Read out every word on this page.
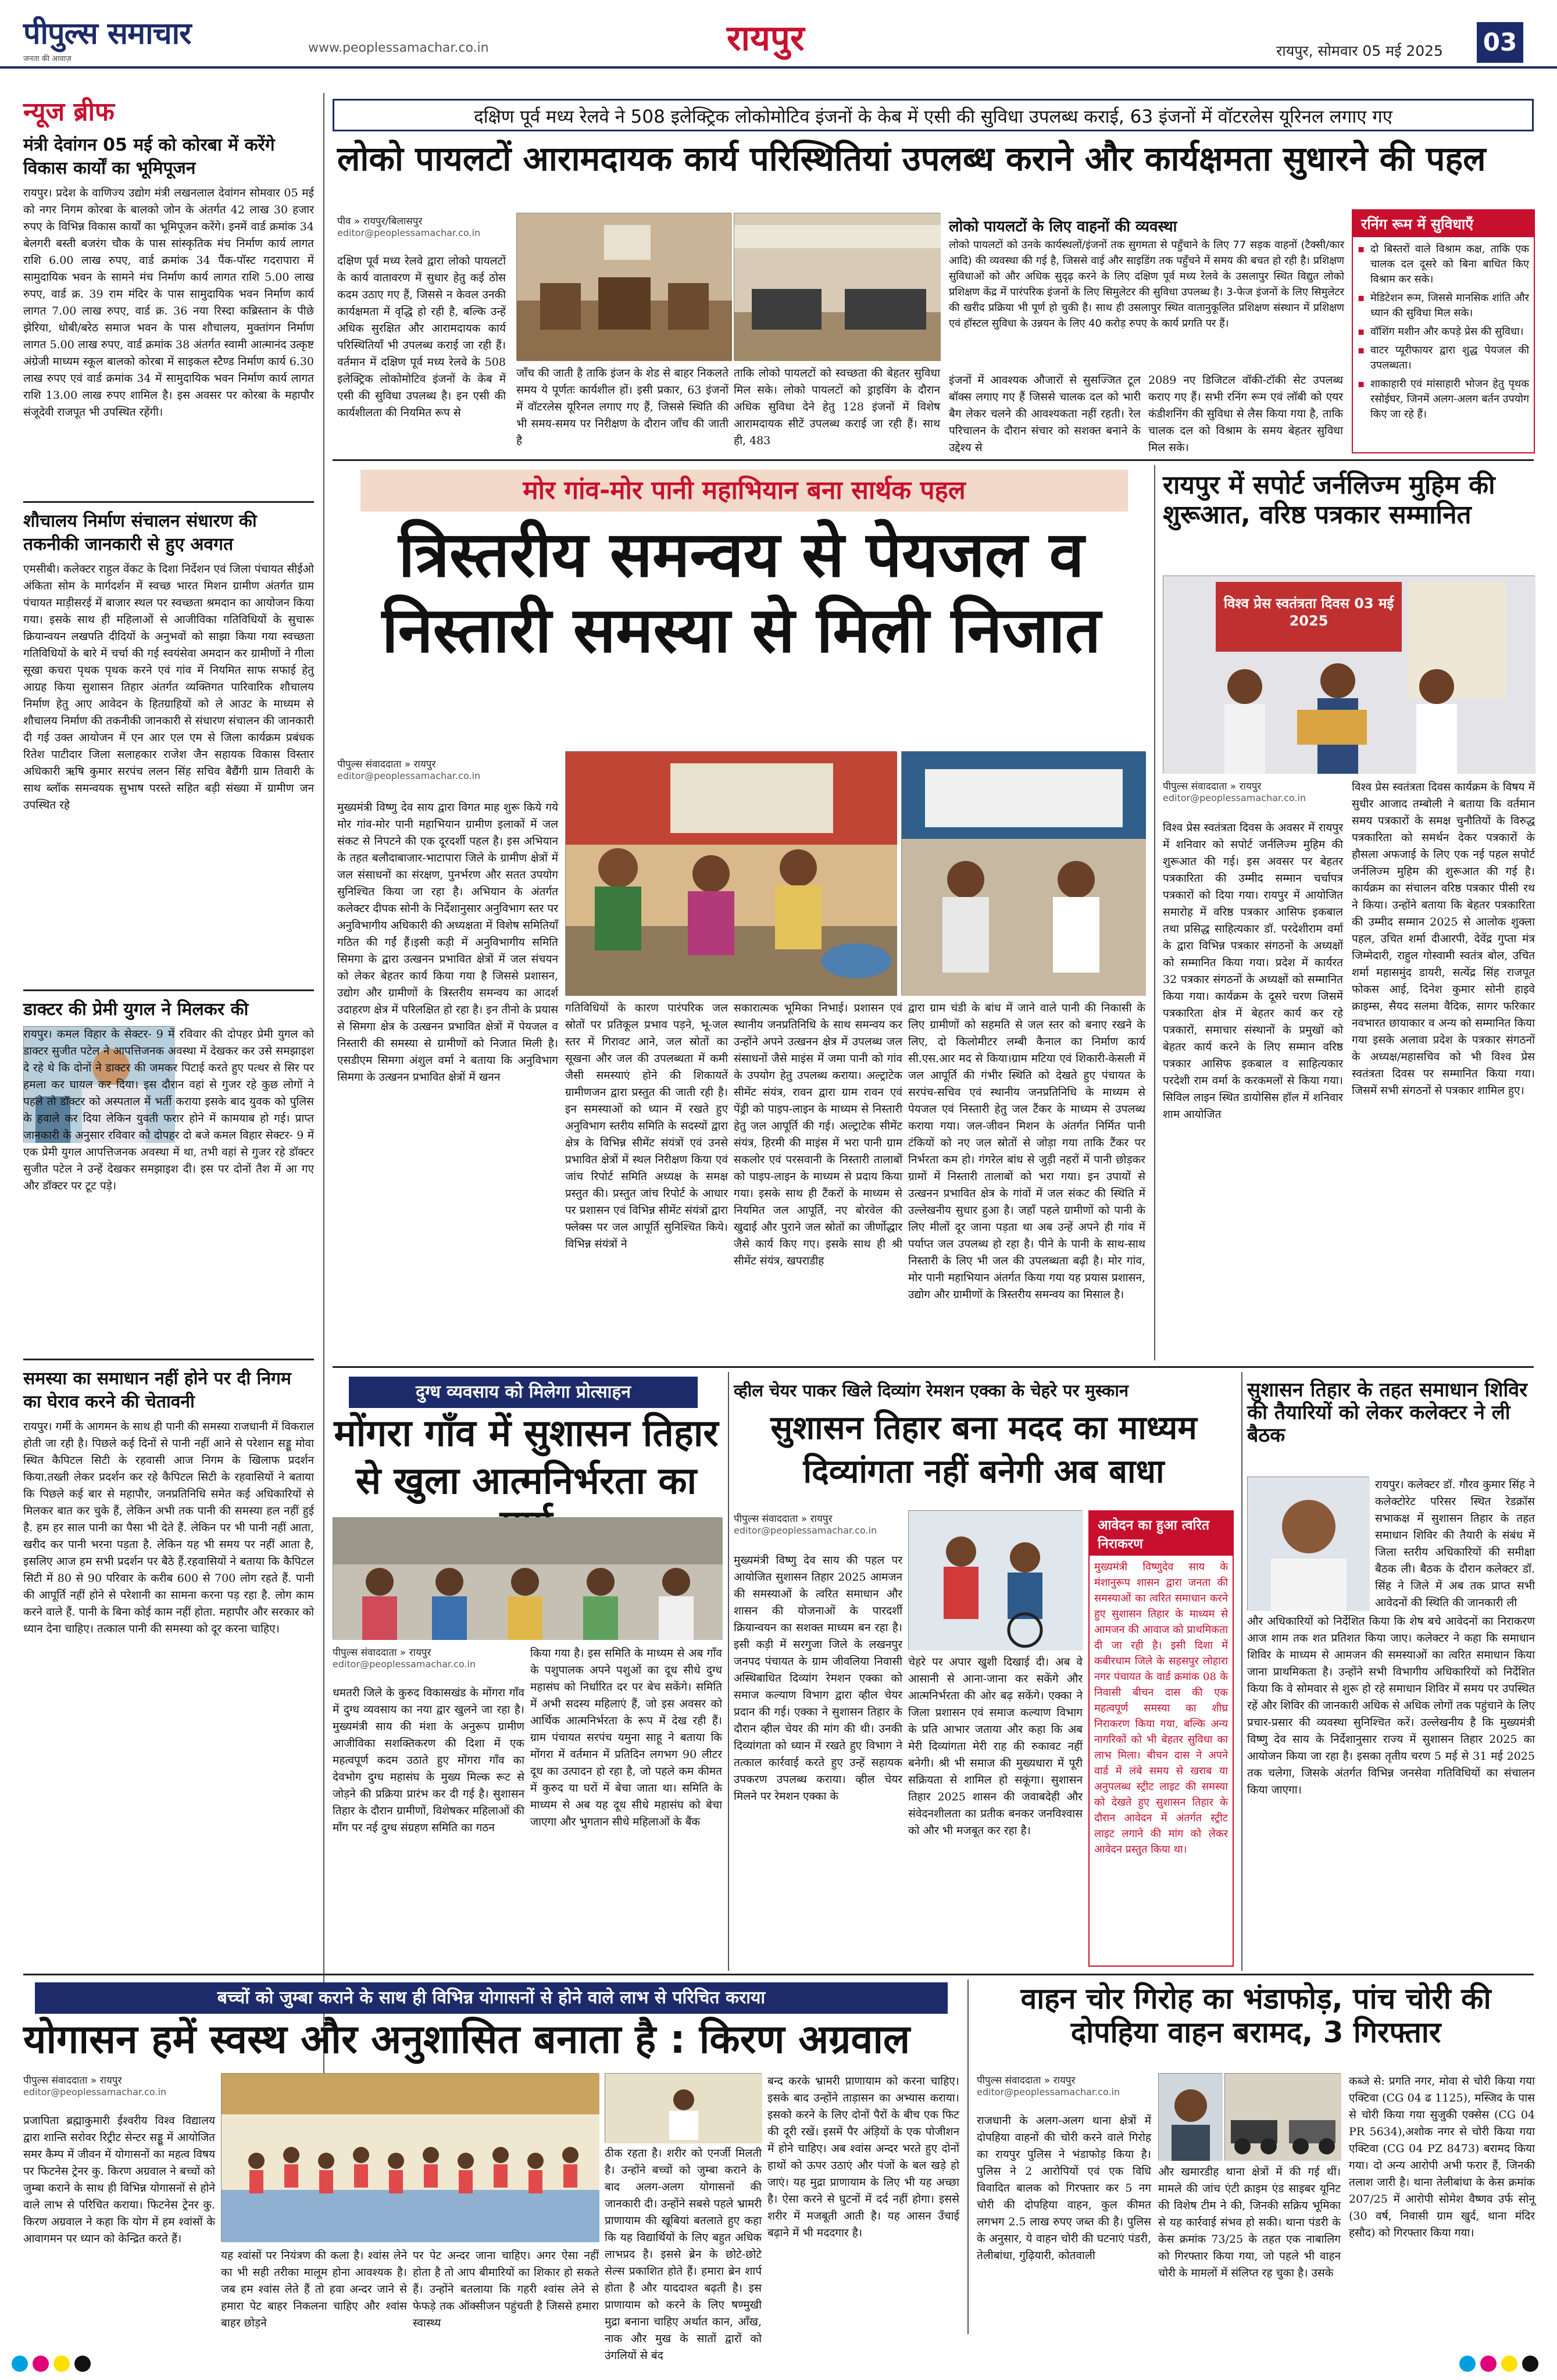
पीपुल्स समाचार
जनता की आवाज़
www.peoplessamachar.co.in	रायपुर	रायपुर, सोमवार 05 मई 2025 03
न्यूज ब्रीफ
मंत्री देवांगन 05 मई को कोरबा में करेंगे विकास कार्यों का भूमिपूजन
रायपुर। प्रदेश के वाणिज्य उद्योग मंत्री लखनलाल देवांगन सोमवार 05 मई को नगर निगम कोरबा के बालको जोन के अंतर्गत 42 लाख 30 हजार रुपए के विभिन्न विकास कार्यों का भूमिपूजन करेंगे। इनमें वार्ड क्रमांक 34 बेलगरी बस्ती बजरंग चौक के पास सांस्कृतिक मंच निर्माण कार्य लागत राशि 6.00 लाख रुपए, वार्ड क्रमांक 34 पैंक-पॉस्ट गदरापारा में सामुदायिक भवन के सामने मंच निर्माण कार्य लागत राशि 5.00 लाख रुपए, वार्ड क्र. 39 राम मंदिर के पास सामुदायिक भवन निर्माण कार्य लागत 7.00 लाख रुपए, वार्ड क्र. 36 नया रिस्दा कब्रिस्तान के पीछे झेरिया, धोबी/बरेठ समाज भवन के पास शौचालय, मुक्तांगन निर्माण लागत 5.00 लाख रुपए, वार्ड क्रमांक 38 अंतर्गत स्वामी आत्मानंद उत्कृष्ट अंग्रेजी माध्यम स्कूल बालको कोरबा में साइकल स्टैण्ड निर्माण कार्य 6.30 लाख रुपए एवं वार्ड क्रमांक 34 में सामुदायिक भवन निर्माण कार्य लागत राशि 13.00 लाख रुपए शामिल है। इस अवसर पर कोरबा के महापौर संजूदेवी राजपूत भी उपस्थित रहेंगी।
शौचालय निर्माण संचालन संधारण की तकनीकी जानकारी से हुए अवगत
एमसीबी। कलेक्टर राहुल वेंकट के दिशा निर्देशन एवं जिला पंचायत सीईओ अंकिता सोम के मार्गदर्शन में स्वच्छ भारत मिशन ग्रामीण अंतर्गत ग्राम पंचायत माड़ीसरई में बाजार स्थल पर स्वच्छता श्रमदान का आयोजन किया गया। इसके साथ ही महिलाओं से आजीविका गतिविधियों के सुचारू क्रियान्वयन लखपति दीदियों के अनुभवों को साझा किया गया स्वच्छता गतिविधियों के बारे में चर्चा की गई स्वयंसेवा अमदान कर ग्रामीणों ने गीला सूखा कचरा पृथक पृथक करने एवं गांव में नियमित साफ सफाई हेतु आग्रह किया सुशासन तिहार अंतर्गत व्यक्तिगत पारिवारिक शौचालय निर्माण हेतु आए आवेदन के हितग्राहियों को ले आउट के माध्यम से शौचालय निर्माण की तकनीकी जानकारी से संधारण संचालन की जानकारी दी गई उक्त आयोजन में एन आर एल एम से जिला कार्यक्रम प्रबंधक रितेश पाटीदार जिला सलाहकार राजेश जैन सहायक विकास विस्तार अधिकारी ऋषि कुमार सरपंच ललन सिंह सचिव बैद्यैंगी ग्राम तिवारी के साथ ब्लॉक समन्वयक सुभाष परस्ते सहित बड़ी संख्या में ग्रामीण जन उपस्थित रहे
डाक्टर की प्रेमी युगल ने मिलकर की
रायपुर। कमल विहार के सेक्टर- 9 में रविवार की दोपहर प्रेमी युगल को डाक्टर सुजीत पटेल ने आपत्तिजनक अवस्था में देखकर कर उसे समझाइश दे रहे थे कि दोनों ने डाक्टर की जमकर पिटाई करते हुए पत्थर से सिर पर हमला कर घायल कर दिया। इस दौरान वहां से गुजर रहे कुछ लोगों ने पहले तो डॉक्टर को अस्पताल में भर्ती कराया इसके बाद युवक को पुलिस के हवाले कर दिया लेकिन युवती फरार होने में कामयाब हो गई। प्राप्त जानकारी के अनुसार रविवार को दोपहर दो बजे कमल विहार सेक्टर- 9 में एक प्रेमी युगल आपत्तिजनक अवस्था में था, तभी वहां से गुजर रहे डॉक्टर सुजीत पटेल ने उन्हें देखकर समझाइश दी। इस पर दोनों तैश में आ गए और डॉक्टर पर टूट पड़े।
समस्या का समाधान नहीं होने पर दी निगम का घेराव करने की चेतावनी
रायपुर। गर्मी के आगमन के साथ ही पानी की समस्या राजधानी में विकराल होती जा रही है। पिछले कई दिनों से पानी नहीं आने से परेशान सड्डू मोवा स्थित कैपिटल सिटी के रहवासी आज निगम के खिलाफ प्रदर्शन किया.तख्ती लेकर प्रदर्शन कर रहे कैपिटल सिटी के रहवासियों ने बताया कि पिछले कई बार से महापौर, जनप्रतिनिधि समेत कई अधिकारियों से मिलकर बात कर चुके हैं, लेकिन अभी तक पानी की समस्या हल नहीं हुई है. हम हर साल पानी का पैसा भी देते हैं. लेकिन पर भी पानी नहीं आता, खरीद कर पानी भरना पड़ता है. लेकिन यह भी समय पर नहीं आता है, इसलिए आज हम सभी प्रदर्शन पर बैठे हैं.रहवासियों ने बताया कि कैपिटल सिटी में 80 से 90 परिवार के करीब 600 से 700 लोग रहते हैं. पानी की आपूर्ति नहीं होने से परेशानी का सामना करना पड़ रहा है. लोग काम करने वाले हैं. पानी के बिना कोई काम नहीं होता. महापौर और सरकार को ध्यान देना चाहिए। तत्काल पानी की समस्या को दूर करना चाहिए।
दक्षिण पूर्व मध्य रेलवे ने 508 इलेक्ट्रिक लोकोमोटिव इंजनों के केब में एसी की सुविधा उपलब्ध कराई, 63 इंजनों में वॉटरलेस यूरिनल लगाए गए
लोको पायलटों आरामदायक कार्य परिस्थितियां उपलब्ध कराने और कार्यक्षमता सुधारने की पहल
पीव » रायपुर/बिलासपुर
editor@peoplessamachar.co.in
दक्षिण पूर्व मध्य रेलवे द्वारा लोको पायलटों के कार्य वातावरण में सुधार हेतु कई ठोस कदम उठाए गए हैं, जिससे न केवल उनकी कार्यक्षमता में वृद्धि हो रही है, बल्कि उन्हें अधिक सुरक्षित और आरामदायक कार्य परिस्थितियाँ भी उपलब्ध कराई जा रही हैं। वर्तमान में दक्षिण पूर्व मध्य रेलवे के 508 इलेक्ट्रिक लोकोमोटिव इंजनों के केब में एसी की सुविधा उपलब्ध है। इन एसी की कार्यशीलता की नियमित रूप से
जाँच की जाती है ताकि इंजन के शेड से बाहर निकलते समय ये पूर्णतः कार्यशील हों। इसी प्रकार, 63 इंजनों में वॉटरलेस यूरिनल लगाए गए हैं, जिससे स्थिति की भी समय-समय पर निरीक्षण के दौरान जाँच की जाती है
ताकि लोको पायलटों को स्वच्छता की बेहतर सुविधा मिल सके। लोको पायलटों को ड्राइविंग के दौरान अधिक सुविधा देने हेतु 128 इंजनों में विशेष आरामदायक सीटें उपलब्ध कराई जा रही हैं। साथ ही, 483
लोको पायलटों के लिए वाहनों की व्यवस्था
लोको पायलटों को उनके कार्यस्थलों/इंजनों तक सुगमता से पहुँचाने के लिए 77 सड़क वाहनों (टैक्सी/कार आदि) की व्यवस्था की गई है, जिससे वाई और साइडिंग तक पहुँचने में समय की बचत हो रही है। प्रशिक्षण सुविधाओं को और अधिक सुदृढ़ करने के लिए दक्षिण पूर्व मध्य रेलवे के उसलापुर स्थित विद्युत लोको प्रशिक्षण केंद्र में पारंपरिक इंजनों के लिए सिमुलेटर की सुविधा उपलब्ध है। 3-फेज इंजनों के लिए सिमुलेटर की खरीद प्रक्रिया भी पूर्ण हो चुकी है। साथ ही उसलापुर स्थित वातानुकूलित प्रशिक्षण संस्थान में प्रशिक्षण एवं हॉस्टल सुविधा के उन्नयन के लिए 40 करोड़ रुपए के कार्य प्रगति पर हैं।
इंजनों में आवश्यक औजारों से सुसज्जित टूल बॉक्स लगाए गए हैं जिससे चालक दल को भारी बैग लेकर चलने की आवश्यकता नहीं रहती। रेल परिचालन के दौरान संचार को सशक्त बनाने के उद्देश्य से
2089 नए डिजिटल वॉकी-टॉकी सेट उपलब्ध कराए गए हैं। सभी रनिंग रूम एवं लॉबी को एयर कंडीशनिंग की सुविधा से लैस किया गया है, ताकि चालक दल को विश्राम के समय बेहतर सुविधा मिल सके।
रनिंग रूम में सुविधाएँ
▪ दो बिस्तरों वाले विश्राम कक्ष, ताकि एक चालक दल दूसरे को बिना बाधित किए विश्राम कर सके।
▪ मेडिटेशन रूम, जिससे मानसिक शांति और ध्यान की सुविधा मिल सके।
▪ वॉशिंग मशीन और कपड़े प्रेस की सुविधा।
▪ वाटर प्यूरीफायर द्वारा शुद्ध पेयजल की उपलब्धता।
▪ शाकाहारी एवं मांसाहारी भोजन हेतु पृथक रसोईघर, जिनमें अलग-अलग बर्तन उपयोग किए जा रहे हैं।
मोर गांव-मोर पानी महाभियान बना सार्थक पहल
त्रिस्तरीय समन्वय से पेयजल व
निस्तारी समस्या से मिली निजात
पीपुल्स संवाददाता » रायपुर
editor@peoplessamachar.co.in
मुख्यमंत्री विष्णु देव साय द्वारा विगत माह शुरू किये गये मोर गांव-मोर पानी महाभियान ग्रामीण इलाकों में जल संकट से निपटने की एक दूरदर्शी पहल है। इस अभियान के तहत बलौदाबाजार-भाटापारा जिले के ग्रामीण क्षेत्रों में जल संसाधनों का संरक्षण, पुनर्भरण और सतत उपयोग सुनिश्चित किया जा रहा है। अभियान के अंतर्गत कलेक्टर दीपक सोनी के निर्देशानुसार अनुविभाग स्तर पर अनुविभागीय अधिकारी की अध्यक्षता में विशेष समितियाँ गठित की गईं हैं।इसी कड़ी में अनुविभागीय समिति सिमगा के द्वारा उत्खनन प्रभावित क्षेत्रों में जल संचयन को लेकर बेहतर कार्य किया गया है जिससे प्रशासन, उद्योग और ग्रामीणों के त्रिस्तरीय समन्वय का आदर्श उदाहरण क्षेत्र में परिलक्षित हो रहा है। इन तीनो के प्रयास से सिमगा क्षेत्र के उत्खनन प्रभावित क्षेत्रों में पेयजल व निस्तारी की समस्या से ग्रामीणों को निजात मिली है। एसडीएम सिमगा अंशुल वर्मा ने बताया कि अनुविभाग सिमगा के उत्खनन प्रभावित क्षेत्रों में खनन
गतिविधियों के कारण पारंपरिक जल स्रोतों पर प्रतिकूल प्रभाव पड़ने, भू-जल स्तर में गिरावट आने, जल स्रोतों का सूखना और जल की उपलब्धता में कमी जैसी समस्याएं होने की शिकायतें ग्रामीणजन द्वारा प्रस्तुत की जाती रही है। इन समस्याओं को ध्यान में रखते हुए अनुविभाग स्तरीय समिति के सदस्यों द्वारा क्षेत्र के विभिन्न सीमेंट संयंत्रों एवं उनसे प्रभावित क्षेत्रों में स्थल निरीक्षण किया एवं जांच रिपोर्ट समिति अध्यक्ष के समक्ष प्रस्तुत की। प्रस्तुत जांच रिपोर्ट के आधार पर प्रशासन एवं विभिन्न सीमेंट संयंत्रों द्वारा फ्लेक्स पर जल आपूर्ति सुनिश्चित किये।विभिन्न संयंत्रों ने
सकारात्मक भूमिका निभाई। प्रशासन एवं स्थानीय जनप्रतिनिधि के साथ समन्वय कर उन्होंने अपने उत्खनन क्षेत्र में उपलब्ध जल संसाधनों जैसे माइंस में जमा पानी को गांव के उपयोग हेतु उपलब्ध कराया। अल्ट्राटेक सीमेंट संयंत्र, रावन द्वारा ग्राम रावन एवं पेंड्री को पाइप-लाइन के माध्यम से निस्तारी हेतु जल आपूर्ति की गई। अल्ट्राटेक सीमेंट संयंत्र, हिरमी की माइंस में भरा पानी ग्राम सकलोर एवं परसवानी के निस्तारी तालाबों को पाइप-लाइन के माध्यम से प्रदाय किया गया। इसके साथ ही टैंकरों के माध्यम से नियमित जल आपूर्ति, नए बोरवेल की खुदाई और पुराने जल स्रोतों का जीर्णोद्धार जैसे कार्य किए गए। इसके साथ ही श्री सीमेंट संयंत्र, खपराडीह
द्वारा ग्राम चंडी के बांध में जाने वाले पानी की निकासी के लिए ग्रामीणों को सहमति से जल स्तर को बनाए रखने के लिए, दो किलोमीटर लम्बी कैनाल का निर्माण कार्य सी.एस.आर मद से किया।ग्राम मटिया एवं शिकारी-केसली में जल आपूर्ति की गंभीर स्थिति को देखते हुए पंचायत के सरपंच-सचिव एवं स्थानीय जनप्रतिनिधि के माध्यम से पेयजल एवं निस्तारी हेतु जल टैंकर के माध्यम से उपलब्ध कराया गया। जल-जीवन मिशन के अंतर्गत निर्मित पानी टंकियों को नए जल स्रोतों से जोड़ा गया ताकि टैंकर पर निर्भरता कम हो। गंगरेल बांध से जुड़ी नहरों में पानी छोड़कर ग्रामों में निस्तारी तालाबों को भरा गया। इन उपायों से उत्खनन प्रभावित क्षेत्र के गांवों में जल संकट की स्थिति में उल्लेखनीय सुधार हुआ है। जहाँ पहले ग्रामीणों को पानी के लिए मीलों दूर जाना पड़ता था अब उन्हें अपने ही गांव में पर्याप्त जल उपलब्ध हो रहा है। पीने के पानी के साथ-साथ निस्तारी के लिए भी जल की उपलब्धता बढ़ी है। मोर गांव, मोर पानी महाभियान अंतर्गत किया गया यह प्रयास प्रशासन, उद्योग और ग्रामीणों के त्रिस्तरीय समन्वय का मिसाल है।
रायपुर में सपोर्ट जर्नलिज्म मुहिम की शुरूआत, वरिष्ठ पत्रकार सम्मानित
विश्व प्रेस स्वतंत्रता दिवस 03 मई 2025
पीपुल्स संवाददाता » रायपुर
editor@peoplessamachar.co.in
विश्व प्रेस स्वतंत्रता दिवस के अवसर में रायपुर में शनिवार को सपोर्ट जर्नलिज्म मुहिम की शुरूआत की गई। इस अवसर पर बेहतर पत्रकारिता की उम्मीद सम्मान चर्चापत्र पत्रकारों को दिया गया। रायपुर में आयोजित समारोह में वरिष्ठ पत्रकार आसिफ इकबाल तथा प्रसिद्ध साहित्यकार डॉ. परदेशीराम वर्मा के द्वारा विभिन्न पत्रकार संगठनों के अध्यक्षों को सम्मानित किया गया। प्रदेश में कार्यरत 32 पत्रकार संगठनों के अध्यक्षों को सम्मानित किया गया। कार्यक्रम के दूसरे चरण जिसमें पत्रकारिता क्षेत्र में बेहतर कार्य कर रहे पत्रकारों, समाचार संस्थानों के प्रमुखों को बेहतर कार्य करने के लिए सम्मान वरिष्ठ पत्रकार आसिफ इकबाल व साहित्यकार परदेशी राम वर्मा के करकमलों से किया गया। सिविल लाइन स्थित डायोसिस हॉल में शनिवार शाम आयोजित
विश्व प्रेस स्वतंत्रता दिवस कार्यक्रम के विषय में सुधीर आजाद तम्बोली ने बताया कि वर्तमान समय पत्रकारों के समक्ष चुनौतियों के विरुद्ध पत्रकारिता को समर्थन देकर पत्रकारों के हौसला अफजाई के लिए एक नई पहल सपोर्ट जर्नलिज्म मुहिम की शुरूआत की गई है। कार्यक्रम का संचालन वरिष्ठ पत्रकार पीसी रथ ने किया। उन्होंने बताया कि बेहतर पत्रकारिता की उम्मीद सम्मान 2025 से आलोक शुक्ला पहल, उचित शर्मा दीआरपी, देवेंद्र गुप्ता मंत्र जिम्मेदारी, राहुल गोस्वामी स्वतंत्र बोल, उचित शर्मा महासमुंद डायरी, सत्येंद्र सिंह राजपूत फोकस आई, दिनेश कुमार सोनी हाइवे क्राइम्स, सैयद सलमा वैदिक, सागर फरिकार नवभारत छायाकार व अन्य को सम्मानित किया गया इसके अलावा प्रदेश के पत्रकार संगठनों के अध्यक्ष/महासचिव को भी विश्व प्रेस स्वतंत्रता दिवस पर सम्मानित किया गया। जिसमें सभी संगठनों से पत्रकार शामिल हुए।
दुग्ध व्यवसाय को मिलेगा प्रोत्साहन
मोंगरा गाँव में सुशासन तिहार
से खुला आत्मनिर्भरता का
पीपुल्स संवाददाता » रायपुर
editor@peoplessamachar.co.in
धमतरी जिले के कुरुद विकासखंड के मोंगरा गाँव में दुग्ध व्यवसाय का नया द्वार खुलने जा रहा है। मुख्यमंत्री साय की मंशा के अनुरूप ग्रामीण आजीविका सशक्तिकरण की दिशा में एक महत्वपूर्ण कदम उठाते हुए मोंगरा गाँव का देवभोग दुग्ध महासंघ के मुख्य मिल्क रूट से जोड़ने की प्रक्रिया प्रारंभ कर दी गई है। सुशासन तिहार के दौरान ग्रामीणों, विशेषकर महिलाओं की माँग पर नई दुग्ध संग्रहण समिति का गठन
किया गया है। इस समिति के माध्यम से अब गाँव के पशुपालक अपने पशुओं का दूध सीधे दुग्ध महासंघ को निर्धारित दर पर बेच सकेंगे। समिति में अभी सदस्य महिलाएं हैं, जो इस अवसर को आर्थिक आत्मनिर्भरता के रूप में देख रही हैं। ग्राम पंचायत सरपंच यमुना साहू ने बताया कि मोंगरा में वर्तमान में प्रतिदिन लगभग 90 लीटर दूध का उत्पादन हो रहा है, जो पहले कम कीमत में कुरुद या घरों में बेचा जाता था। समिति के माध्यम से अब यह दूध सीधे महासंघ को बेचा जाएगा और भुगतान सीधे महिलाओं के बैंक
व्हील चेयर पाकर खिले दिव्यांग रेमशन एक्का के चेहरे पर मुस्कान
सुशासन तिहार बना मदद का माध्यम
दिव्यांगता नहीं बनेगी अब बाधा
पीपुल्स संवाददाता » रायपुर
editor@peoplessamachar.co.in
मुख्यमंत्री विष्णु देव साय की पहल पर आयोजित सुशासन तिहार 2025 आमजन की समस्याओं के त्वरित समाधान और शासन की योजनाओं के पारदर्शी क्रियान्वयन का सशक्त माध्यम बन रहा है। इसी कड़ी में सरगुजा जिले के लखनपुर जनपद पंचायत के ग्राम जीवलिया निवासी अस्थिबाधित दिव्यांग रेमशन एक्का को समाज कल्याण विभाग द्वारा व्हील चेयर प्रदान की गई। एक्का ने सुशासन तिहार के दौरान व्हील चेयर की मांग की थी। उनकी दिव्यांगता को ध्यान में रखते हुए विभाग ने तत्काल कार्रवाई करते हुए उन्हें सहायक उपकरण उपलब्ध कराया। व्हील चेयर मिलने पर रेमशन एक्का के
चेहरे पर अपार खुशी दिखाई दी। अब वे आसानी से आना-जाना कर सकेंगे और आत्मनिर्भरता की ओर बढ़ सकेंगे। एक्का ने जिला प्रशासन एवं समाज कल्याण विभाग के प्रति आभार जताया और कहा कि अब मेरी दिव्यांगता मेरी राह की रुकावट नहीं बनेगी। श्री भी समाज की मुख्यधारा में पूरी सक्रियता से शामिल हो सकूंगा। सुशासन तिहार 2025 शासन की जवाबदेही और संवेदनशीलता का प्रतीक बनकर जनविश्वास को और भी मजबूत कर रहा है।
आवेदन का हुआ त्वरित निराकरण
मुख्यमंत्री विष्णुदेव साय के मंशानुरूप शासन द्वारा जनता की समस्याओं का त्वरित समाधान करने हुए सुशासन तिहार के माध्यम से आमजन की आवाज को प्राथमिकता दी जा रही है। इसी दिशा में कबीरधाम जिले के सहसपुर लोहारा नगर पंचायत के वार्ड क्रमांक 08 के निवासी बीचन दास की एक महत्वपूर्ण समस्या का शीघ्र निराकरण किया गया, बल्कि अन्य नागरिकों को भी बेहतर सुविधा का लाभ मिला। बीचन दास ने अपने वार्ड में लंबे समय से खराब या अनुपलब्ध स्ट्रीट लाइट की समस्या को देखते हुए सुशासन तिहार के दौरान आवेदन में अंतर्गत स्ट्रीट लाइट लगाने की मांग को लेकर आवेदन प्रस्तुत किया था।
सुशासन तिहार के तहत समाधान शिविर की तैयारियों को लेकर कलेक्टर ने ली बैठक
रायपुर। कलेक्टर डॉ. गौरव कुमार सिंह ने कलेक्टोरेट परिसर स्थित रेडक्रॉस सभाकक्ष में सुशासन तिहार के तहत समाधान शिविर की तैयारी के संबंध में जिला स्तरीय अधिकारियों की समीक्षा बैठक ली। बैठक के दौरान कलेक्टर डॉ. सिंह ने जिले में अब तक प्राप्त सभी आवेदनों की स्थिति की जानकारी ली
और अधिकारियों को निर्देशित किया कि शेष बचे आवेदनों का निराकरण आज शाम तक शत प्रतिशत किया जाए। कलेक्टर ने कहा कि समाधान शिविर के माध्यम से आमजन की समस्याओं का त्वरित समाधान किया जाना प्राथमिकता है। उन्होंने सभी विभागीय अधिकारियों को निर्देशित किया कि वे सोमवार से शुरू हो रहे समाधान शिविर में समय पर उपस्थित रहें और शिविर की जानकारी अधिक से अधिक लोगों तक पहुंचाने के लिए प्रचार-प्रसार की व्यवस्था सुनिश्चित करें। उल्लेखनीय है कि मुख्यमंत्री विष्णु देव साय के निर्देशानुसार राज्य में सुशासन तिहार 2025 का आयोजन किया जा रहा है। इसका तृतीय चरण 5 मई से 31 मई 2025 तक चलेगा, जिसके अंतर्गत विभिन्न जनसेवा गतिविधियों का संचालन किया जाएगा।
बच्चों को जुम्बा कराने के साथ ही विभिन्न योगासनों से होने वाले लाभ से परिचित कराया
योगासन हमें स्वस्थ और अनुशासित बनाता है : किरण अग्रवाल
पीपुल्स संवाददाता » रायपुर
editor@peoplessamachar.co.in
प्रजापिता ब्रह्माकुमारी ईश्वरीय विश्व विद्यालय द्वारा शान्ति सरोवर रिट्रीट सेन्टर सड्डू में आयोजित समर कैम्प में जीवन में योगासनों का महत्व विषय पर फिटनेस ट्रेनर कु. किरण अग्रवाल ने बच्चों को जुम्बा कराने के साथ ही विभिन्न योगासनों से होने वाले लाभ से परिचित कराया। फिटनेस ट्रेनर कु. किरण अग्रवाल ने कहा कि योग में हम श्वांसों के आवागमन पर ध्यान को केन्द्रित करते हैं।
यह श्वांसों पर नियंत्रण की कला है। श्वांस लेने का भी सही तरीका मालूम होना आवश्यक है। जब हम श्वांस लेते हैं तो हवा अन्दर जाने से हमारा पेट बाहर निकलना चाहिए और श्वांस बाहर छोड़ने
पर पेट अन्दर जाना चाहिए। अगर ऐसा नहीं होता है तो आप बीमारियों का शिकार हो सकते हैं। उन्होंने बतलाया कि गहरी श्वांस लेने से फेफड़े तक ऑक्सीजन पहुंचती है जिससे हमारा स्वास्थ्य
ठीक रहता है। शरीर को एनर्जी मिलती है। उन्होंने बच्चों को जुम्बा कराने के बाद अलग-अलग योगासनों की जानकारी दी। उन्होंने सबसे पहले भ्रामरी प्राणायाम की खूबियां बतलाते हुए कहा कि यह विद्यार्थियों के लिए बहुत अधिक लाभप्रद है। इससे ब्रेन के छोटे-छोटे सेल्स प्रकाशित होते हैं। हमारा ब्रेन शार्प होता है और याददाश्त बढ़ती है। इस प्राणायाम को करने के लिए षण्मुखी मुद्रा बनाना चाहिए अर्थात कान, आँख, नाक और मुख के सातों द्वारों को उंगलियों से बंद
बन्द करके भ्रामरी प्राणायाम को करना चाहिए। इसके बाद उन्होंने ताड़ासन का अभ्यास कराया। इसको करने के लिए दोनों पैरों के बीच एक फिट की दूरी रखें। इसमें पैर अंड़ियों के एक पोजीशन में होने चाहिए। अब श्वांस अन्दर भरते हुए दोनों हाथों को ऊपर उठाएं और पंजों के बल खड़े हो जाएं। यह मुद्रा प्राणायाम के लिए भी यह अच्छा है। ऐसा करने से घुटनों में दर्द नहीं होगा। इससे शरीर में मजबूती आती है। यह आसन उँचाई बढ़ाने में भी मददगार है।
वाहन चोर गिरोह का भंडाफोड़, पांच चोरी की दोपहिया वाहन बरामद, 3 गिरफ्तार
पीपुल्स संवाददाता » रायपुर
editor@peoplessamachar.co.in
राजधानी के अलग-अलग थाना क्षेत्रों में दोपहिया वाहनों की चोरी करने वाले गिरोह का रायपुर पुलिस ने भंडाफोड़ किया है। पुलिस ने 2 आरोपियों एवं एक विधि विवादित बालक को गिरफ्तार कर 5 नग चोरी की दोपहिया वाहन, कुल कीमत लगभग 2.5 लाख रुपए जब्त की है। पुलिस के अनुसार, ये वाहन चोरी की घटनाएं पंडरी, तेलीबांधा, गुढ़ियारी, कोतवाली
और खमारडीह थाना क्षेत्रों में की गई थीं। मामले की जांच एंटी क्राइम एंड साइबर यूनिट की विशेष टीम ने की, जिनकी सक्रिय भूमिका से यह कार्रवाई संभव हो सकी। थाना पंडरी के केस क्रमांक 73/25 के तहत एक नाबालिग को गिरफ्तार किया गया, जो पहले भी वाहन चोरी के मामलों में संलिप्त रह चुका है। उसके
कब्जे से: प्रगति नगर, मोवा से चोरी किया गया एक्टिवा (CG 04 ढ 1125), मस्जिद के पास से चोरी किया गया सुजुकी एक्सेस (CG 04 PR 5634),अशोक नगर से चोरी किया गया एक्टिवा (CG 04 PZ 8473) बरामद किया गया। दो अन्य आरोपी अभी फरार हैं, जिनकी तलाश जारी है। थाना तेलीबांधा के केस क्रमांक 207/25 में आरोपी सोमेश वैष्णव उर्फ सोनू (30 वर्ष, निवासी ग्राम खुर्द, थाना मंदिर हसौद) को गिरफ्तार किया गया।
